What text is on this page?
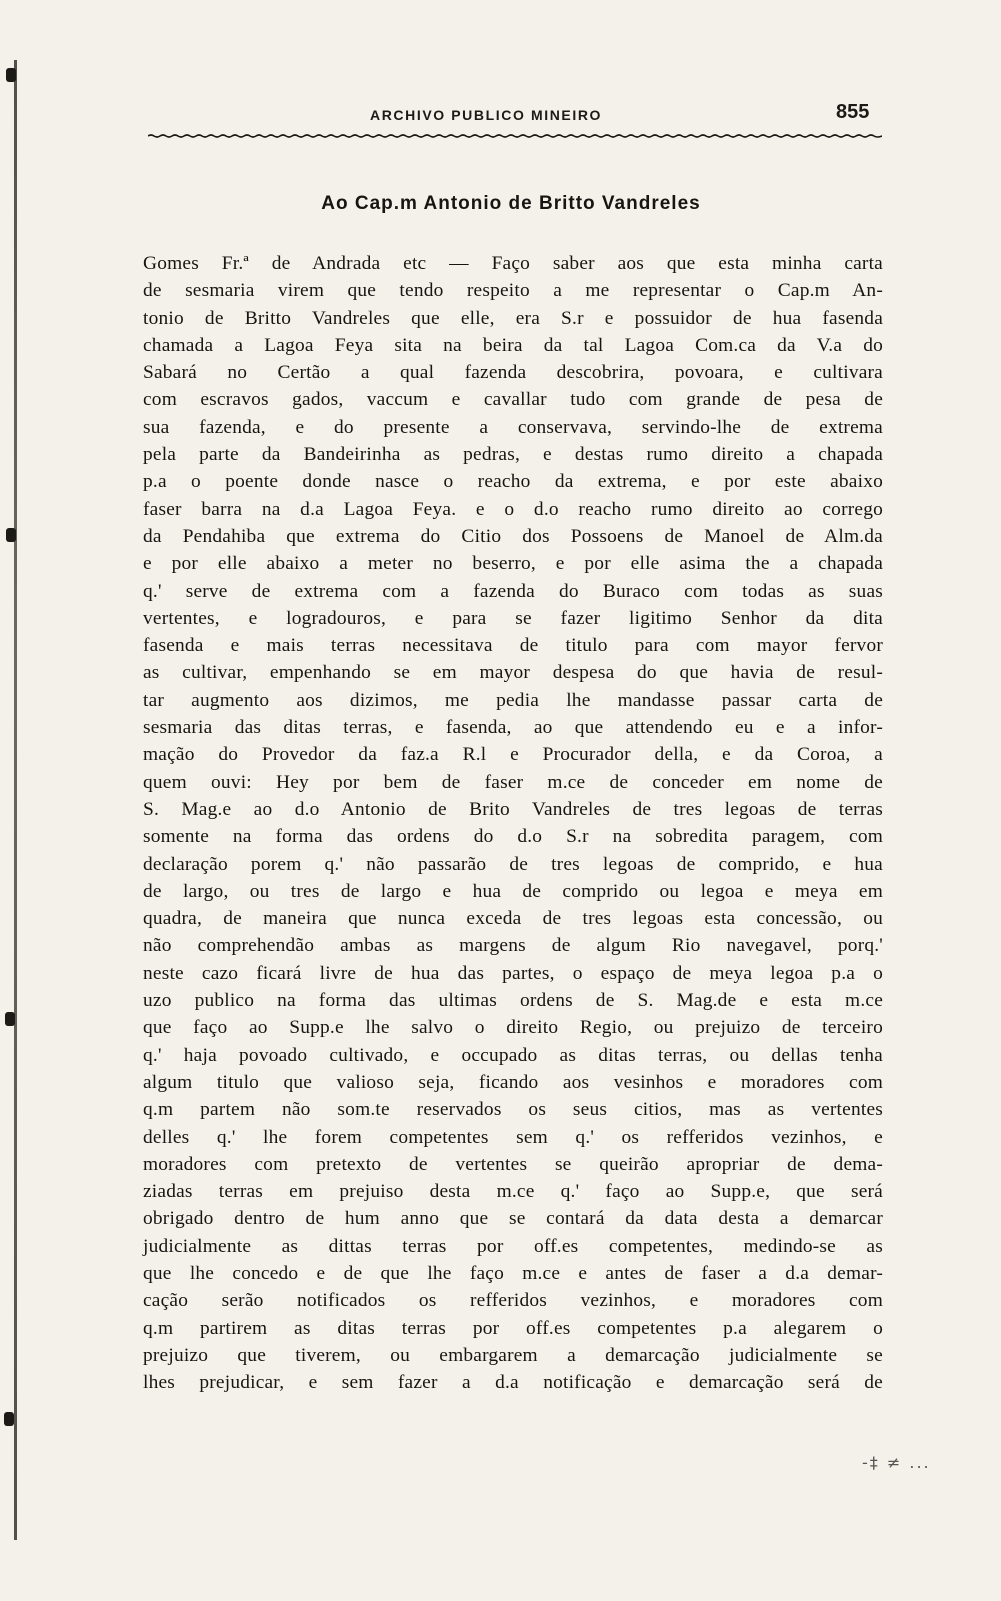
ARCHIVO PUBLICO MINEIRO	855
Ao Cap.m Antonio de Britto Vandreles
Gomes Fr.ª de Andrada etc — Faço saber aos que esta minha carta
de sesmaria virem que tendo respeito a me representar o Cap.m An-
tonio de Britto Vandreles que elle, era S.r e possuidor de hua fasenda
chamada a Lagoa Feya sita na beira da tal Lagoa Com.ca da V.a do
Sabará no Certão a qual fazenda descobrira, povoara, e cultivara
com escravos gados, vaccum e cavallar tudo com grande de pesa de
sua fazenda, e do presente a conservava, servindo-lhe de extrema
pela parte da Bandeirinha as pedras, e destas rumo direito a chapada
p.a o poente donde nasce o reacho da extrema, e por este abaixo
faser barra na d.a Lagoa Feya. e o d.o reacho rumo direito ao corrego
da Pendahiba que extrema do Citio dos Possoens de Manoel de Alm.da
e por elle abaixo a meter no beserro, e por elle asima the a chapada
q.' serve de extrema com a fazenda do Buraco com todas as suas
vertentes, e logradouros, e para se fazer ligitimo Senhor da dita
fasenda e mais terras necessitava de titulo para com mayor fervor
as cultivar, empenhando se em mayor despesa do que havia de resul-
tar augmento aos dizimos, me pedia lhe mandasse passar carta de
sesmaria das ditas terras, e fasenda, ao que attendendo eu e a infor-
mação do Provedor da faz.a R.l e Procurador della, e da Coroa, a
quem ouvi: Hey por bem de faser m.ce de conceder em nome de
S. Mag.e ao d.o Antonio de Brito Vandreles de tres legoas de terras
somente na forma das ordens do d.o S.r na sobredita paragem, com
declaração porem q.' não passarão de tres legoas de comprido, e hua
de largo, ou tres de largo e hua de comprido ou legoa e meya em
quadra, de maneira que nunca exceda de tres legoas esta concessão, ou
não comprehendão ambas as margens de algum Rio navegavel, porq.'
neste cazo ficará livre de hua das partes, o espaço de meya legoa p.a o
uzo publico na forma das ultimas ordens de S. Mag.de e esta m.ce
que faço ao Supp.e lhe salvo o direito Regio, ou prejuizo de terceiro
q.' haja povoado cultivado, e occupado as ditas terras, ou dellas tenha
algum titulo que valioso seja, ficando aos vesinhos e moradores com
q.m partem não som.te reservados os seus citios, mas as vertentes
delles q.' lhe forem competentes sem q.' os refferidos vezinhos, e
moradores com pretexto de vertentes se queirão apropriar de dema-
ziadas terras em prejuiso desta m.ce q.' faço ao Supp.e, que será
obrigado dentro de hum anno que se contará da data desta a demarcar
judicialmente as dittas terras por off.es competentes, medindo-se as
que lhe concedo e de que lhe faço m.ce e antes de faser a d.a demar-
cação serão notificados os refferidos vezinhos, e moradores com
q.m partirem as ditas terras por off.es competentes p.a alegarem o
prejuizo que tiverem, ou embargarem a demarcação judicialmente se
lhes prejudicar, e sem fazer a d.a notificação e demarcação será de
-‡ ≠ ...
